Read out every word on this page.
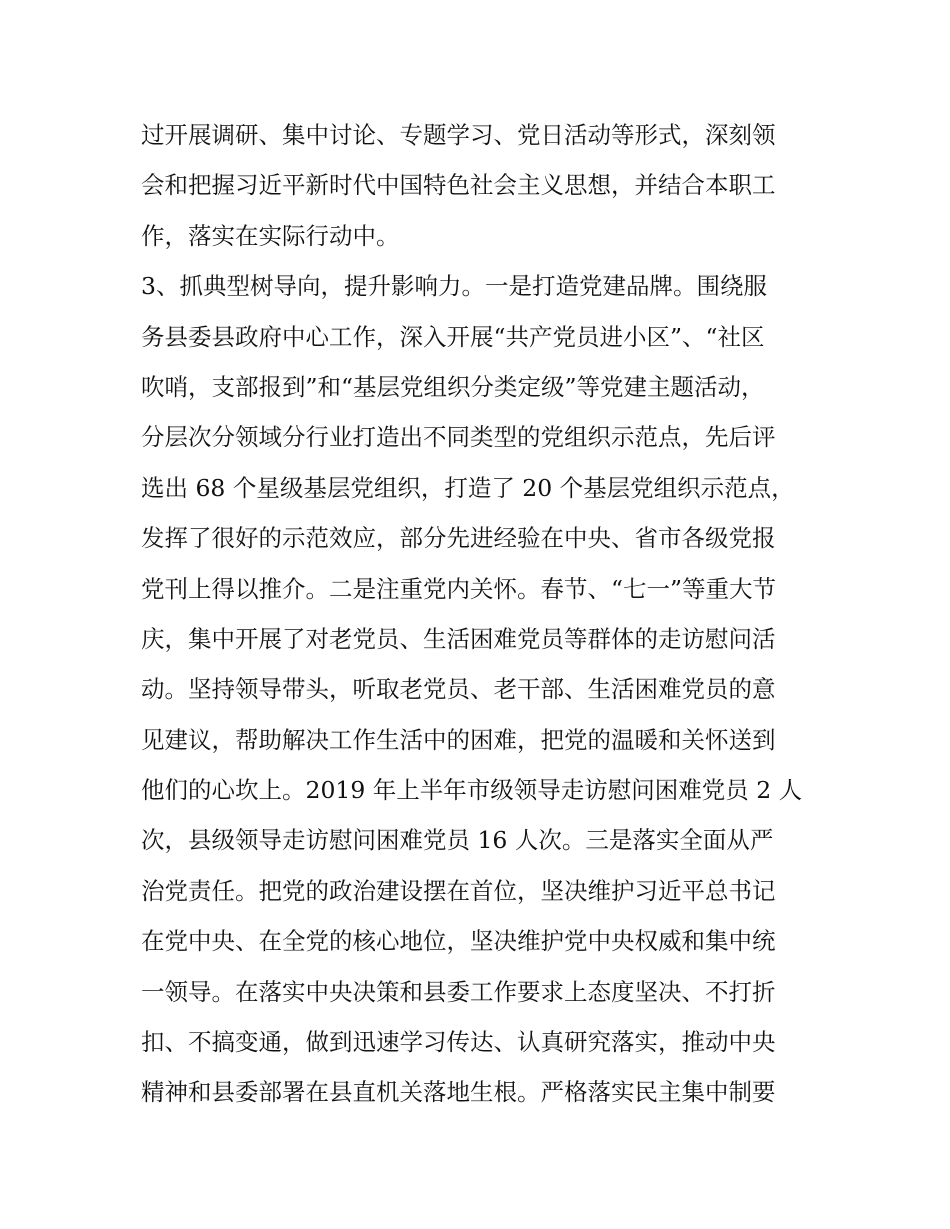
过开展调研、集中讨论、专题学习、党日活动等形式，深刻领
会和把握习近平新时代中国特色社会主义思想，并结合本职工
作，落实在实际行动中。
3、抓典型树导向，提升影响力。一是打造党建品牌。围绕服
务县委县政府中心工作，深入开展“共产党员进小区”、“社区
吹哨，支部报到”和“基层党组织分类定级”等党建主题活动，
分层次分领域分行业打造出不同类型的党组织示范点，先后评
选出 68 个星级基层党组织，打造了 20 个基层党组织示范点，
发挥了很好的示范效应，部分先进经验在中央、省市各级党报
党刊上得以推介。二是注重党内关怀。春节、“七一”等重大节
庆，集中开展了对老党员、生活困难党员等群体的走访慰问活
动。坚持领导带头，听取老党员、老干部、生活困难党员的意
见建议，帮助解决工作生活中的困难，把党的温暖和关怀送到
他们的心坎上。2019 年上半年市级领导走访慰问困难党员 2 人
次，县级领导走访慰问困难党员 16 人次。三是落实全面从严
治党责任。把党的政治建设摆在首位，坚决维护习近平总书记
在党中央、在全党的核心地位，坚决维护党中央权威和集中统
一领导。在落实中央决策和县委工作要求上态度坚决、不打折
扣、不搞变通，做到迅速学习传达、认真研究落实，推动中央
精神和县委部署在县直机关落地生根。严格落实民主集中制要
